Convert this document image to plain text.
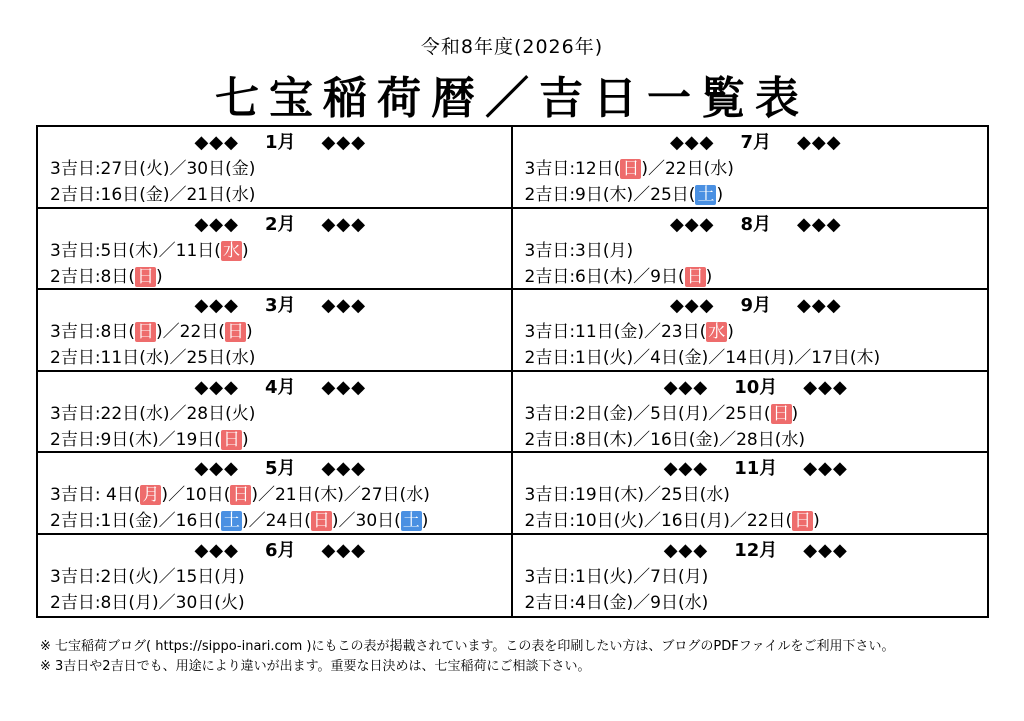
令和8年度(2026年)
七宝稲荷暦／吉日一覧表
◆◆◆ 1月 ◆◆◆
3吉日:27日(火)／30日(金)
2吉日:16日(金)／21日(水)
◆◆◆ 7月 ◆◆◆
3吉日:12日( 日 )／22日(水)
2吉日:9日(木)／25日( 土 )
◆◆◆ 2月 ◆◆◆
3吉日:5日(木)／11日( 水 )
2吉日:8日( 日 )
◆◆◆ 8月 ◆◆◆
3吉日:3日(月)
2吉日:6日(木)／9日( 日 )
◆◆◆ 3月 ◆◆◆
3吉日:8日( 日 )／22日( 日 )
2吉日:11日(水)／25日(水)
◆◆◆ 9月 ◆◆◆
3吉日:11日(金)／23日( 水 )
2吉日:1日(火)／4日(金)／14日(月)／17日(木)
◆◆◆ 4月 ◆◆◆
3吉日:22日(水)／28日(火)
2吉日:9日(木)／19日( 日 )
◆◆◆ 10月 ◆◆◆
3吉日:2日(金)／5日(月)／25日( 日 )
2吉日:8日(木)／16日(金)／28日(水)
◆◆◆ 5月 ◆◆◆
3吉日: 4日( 月 )／10日( 日 )／21日(木)／27日(水)
2吉日:1日(金)／16日( 土 )／24日( 日 )／30日( 土 )
◆◆◆ 11月 ◆◆◆
3吉日:19日(木)／25日(水)
2吉日:10日(火)／16日(月)／22日( 日 )
◆◆◆ 6月 ◆◆◆
3吉日:2日(火)／15日(月)
2吉日:8日(月)／30日(火)
◆◆◆ 12月 ◆◆◆
3吉日:1日(火)／7日(月)
2吉日:4日(金)／9日(水)
※ 七宝稲荷ブログ( https://sippo-inari.com )にもこの表が掲載されています。この表を印刷したい方は、ブログのPDFファイルをご利用下さい。
※ 3吉日や2吉日でも、用途により違いが出ます。重要な日決めは、七宝稲荷にご相談下さい。
